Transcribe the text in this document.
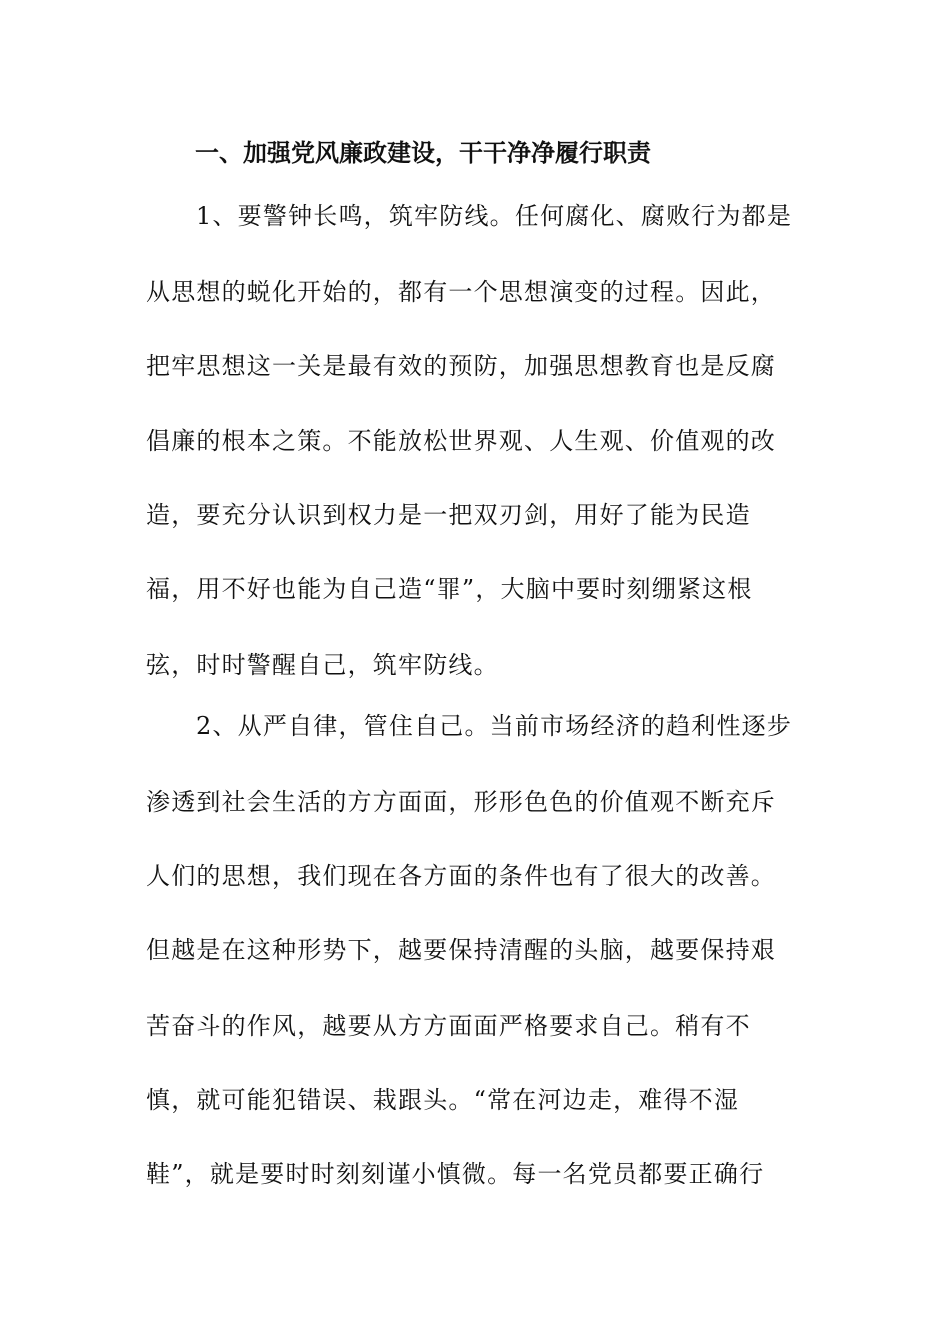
一、加强党风廉政建设，干干净净履行职责
1、要警钟长鸣，筑牢防线。任何腐化、腐败行为都是
从思想的蜕化开始的，都有一个思想演变的过程。因此，
把牢思想这一关是最有效的预防，加强思想教育也是反腐
倡廉的根本之策。不能放松世界观、人生观、价值观的改
造，要充分认识到权力是一把双刃剑，用好了能为民造
福，用不好也能为自己造“罪”，大脑中要时刻绷紧这根
弦，时时警醒自己，筑牢防线。
2、从严自律，管住自己。当前市场经济的趋利性逐步
渗透到社会生活的方方面面，形形色色的价值观不断充斥
人们的思想，我们现在各方面的条件也有了很大的改善。
但越是在这种形势下，越要保持清醒的头脑，越要保持艰
苦奋斗的作风，越要从方方面面严格要求自己。稍有不
慎，就可能犯错误、栽跟头。“常在河边走，难得不湿
鞋”，就是要时时刻刻谨小慎微。每一名党员都要正确行
